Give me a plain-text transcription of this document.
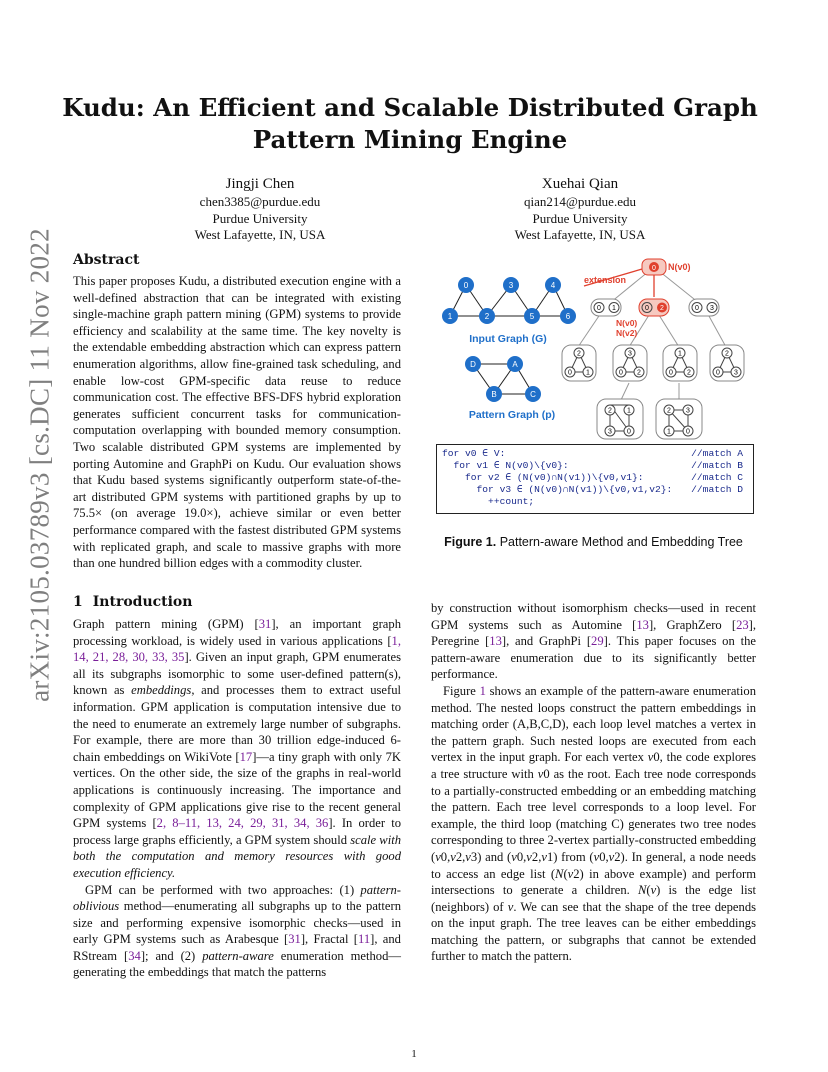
arXiv:2105.03789v3 [cs.DC] 11 Nov 2022
Kudu: An Efficient and Scalable Distributed Graph Pattern Mining Engine
Jingji Chen
chen3385@purdue.edu
Purdue University
West Lafayette, IN, USA
Xuehai Qian
qian214@purdue.edu
Purdue University
West Lafayette, IN, USA
Abstract
This paper proposes Kudu, a distributed execution engine with a well-defined abstraction that can be integrated with existing single-machine graph pattern mining (GPM) systems to provide efficiency and scalability at the same time. The key novelty is the extendable embedding abstraction which can express pattern enumeration algorithms, allow fine-grained task scheduling, and enable low-cost GPM-specific data reuse to reduce communication cost. The effective BFS-DFS hybrid exploration generates sufficient concurrent tasks for communication-computation overlapping with bounded memory consumption. Two scalable distributed GPM systems are implemented by porting Automine and GraphPi on Kudu. Our evaluation shows that Kudu based systems significantly outperform state-of-the-art distributed GPM systems with partitioned graphs by up to 75.5× (on average 19.0×), achieve similar or even better performance compared with the fastest distributed GPM systems with replicated graph, and scale to massive graphs with more than one hundred billion edges with a commodity cluster.
1 Introduction

Graph pattern mining (GPM) [31], an important graph processing workload, is widely used in various applications [1, 14, 21, 28, 30, 33, 35]. Given an input graph, GPM enumerates all its subgraphs isomorphic to some user-defined pattern(s), known as embeddings, and processes them to extract useful information. GPM application is computation intensive due to the need to enumerate an extremely large number of subgraphs. For example, there are more than 30 trillion edge-induced 6-chain embeddings on WikiVote [17]—a tiny graph with only 7K vertices. On the other side, the size of the graphs in real-world applications is continuously increasing. The importance and complexity of GPM applications give rise to the recent general GPM systems [2, 8–11, 13, 24, 29, 31, 34, 36]. In order to process large graphs efficiently, a GPM system should scale with both the computation and memory resources with good execution efficiency.

GPM can be performed with two approaches: (1) pattern-oblivious method—enumerating all subgraphs up to the pattern size and performing expensive isomorphic checks—used in early GPM systems such as Arabesque [31], Fractal [11], and RStream [34]; and (2) pattern-aware enumeration method—generating the embeddings that match the patterns

by construction without isomorphism checks—used in recent GPM systems such as Automine [13], GraphZero [23], Peregrine [13], and GraphPi [29]. This paper focuses on the pattern-aware enumeration due to its significantly better performance.

Figure 1 shows an example of the pattern-aware enumeration method. The nested loops construct the pattern embeddings in matching order (A,B,C,D), each loop level matches a vertex in the pattern graph. Such nested loops are executed from each vertex in the input graph. For each vertex v0, the code explores a tree structure with v0 as the root. Each tree node corresponds to a partially-constructed embedding or an embedding matching the pattern. Each tree level corresponds to a loop level. For example, the third loop (matching C) generates two tree nodes corresponding to three 2-vertex partially-constructed embedding (v0,v2,v3) and (v0,v2,v1) from (v0,v2). In general, a node needs to access an edge list (N(v2) in above example) and perform intersections to generate a children. N(v) is the edge list (neighbors) of v. We can see that the shape of the tree depends on the input graph. The tree leaves can be either embeddings matching the pattern, or subgraphs that cannot be extended further to match the pattern.

0	3	4
1	2	5	6
Input Graph (G)
D	A
B	C
Pattern Graph (p)
0 N(v0)
extension
0 1	0 2
N(v0)
N(v2)
0 3
2
0 1
3
0 2
1
0 2
2
0 3
2 1
3 0
2 3
1 0
for v0 ∈ V:	//match A
for v1 ∈ N(v0)\{v0}:	//match B
for v2 ∈ (N(v0)∩N(v1))\{v0,v1}:	//match C
for v3 ∈ (N(v0)∩N(v1))\{v0,v1,v2}: //match D
++count;
Figure 1. Pattern-aware Method and Embedding Tree
1
